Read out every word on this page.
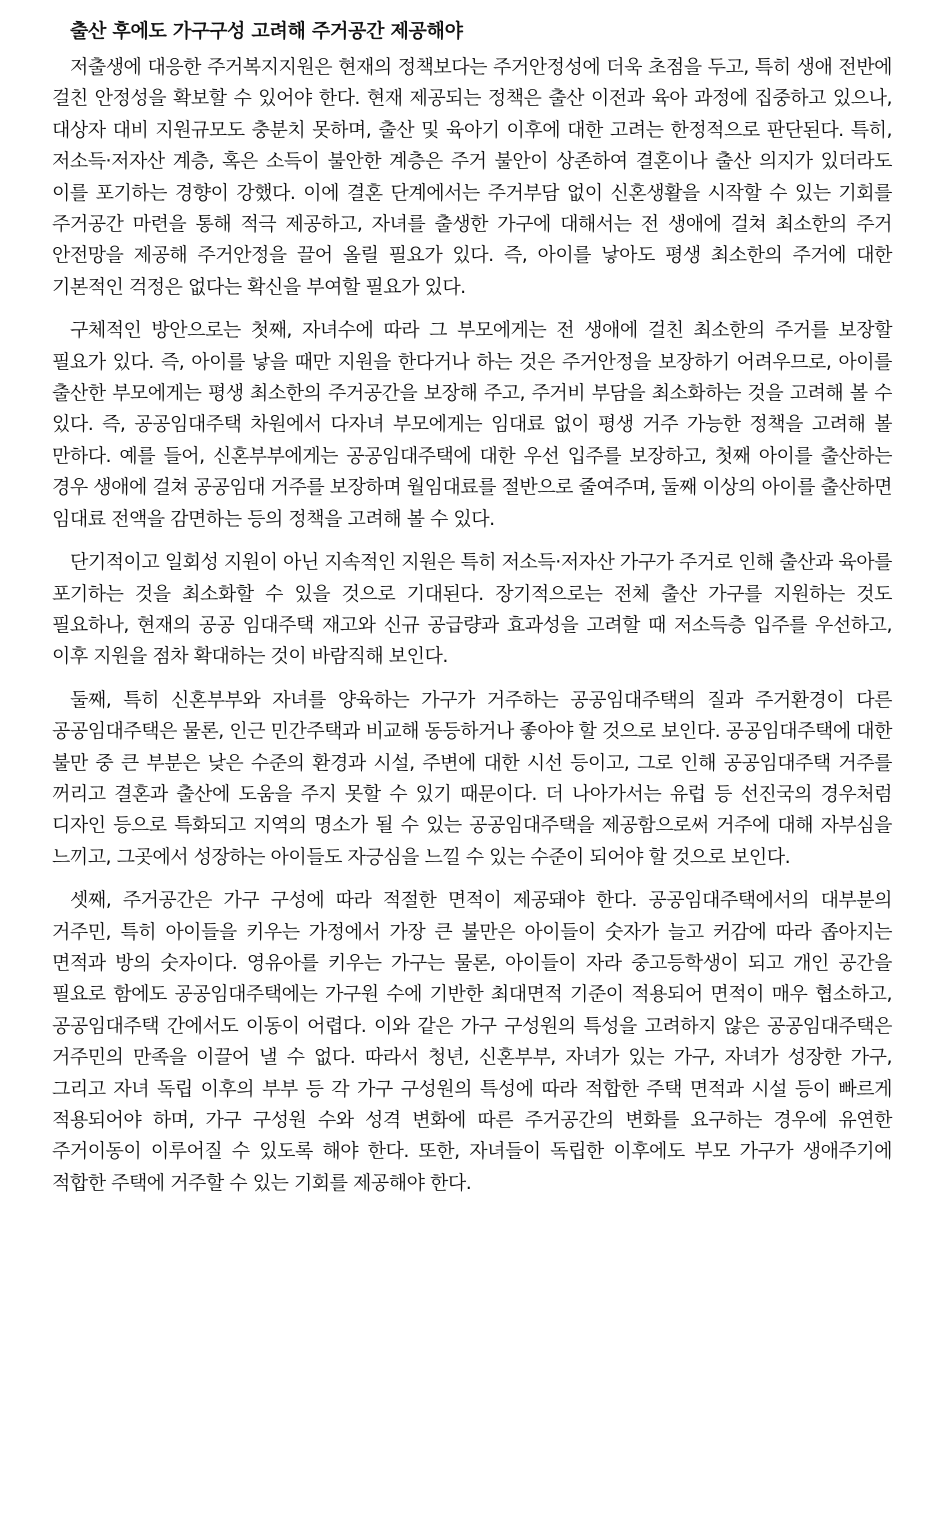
출산 후에도 가구구성 고려해 주거공간 제공해야

저출생에 대응한 주거복지지원은 현재의 정책보다는 주거안정성에 더욱 초점을 두고, 특히 생애 전반에 걸친 안정성을 확보할 수 있어야 한다. 현재 제공되는 정책은 출산 이전과 육아 과정에 집중하고 있으나, 대상자 대비 지원규모도 충분치 못하며, 출산 및 육아기 이후에 대한 고려는 한정적으로 판단된다. 특히, 저소득·저자산 계층, 혹은 소득이 불안한 계층은 주거 불안이 상존하여 결혼이나 출산 의지가 있더라도 이를 포기하는 경향이 강했다. 이에 결혼 단계에서는 주거부담 없이 신혼생활을 시작할 수 있는 기회를 주거공간 마련을 통해 적극 제공하고, 자녀를 출생한 가구에 대해서는 전 생애에 걸쳐 최소한의 주거 안전망을 제공해 주거안정을 끌어 올릴 필요가 있다. 즉, 아이를 낳아도 평생 최소한의 주거에 대한 기본적인 걱정은 없다는 확신을 부여할 필요가 있다.

구체적인 방안으로는 첫째, 자녀수에 따라 그 부모에게는 전 생애에 걸친 최소한의 주거를 보장할 필요가 있다. 즉, 아이를 낳을 때만 지원을 한다거나 하는 것은 주거안정을 보장하기 어려우므로, 아이를 출산한 부모에게는 평생 최소한의 주거공간을 보장해 주고, 주거비 부담을 최소화하는 것을 고려해 볼 수 있다. 즉, 공공임대주택 차원에서 다자녀 부모에게는 임대료 없이 평생 거주 가능한 정책을 고려해 볼 만하다. 예를 들어, 신혼부부에게는 공공임대주택에 대한 우선 입주를 보장하고, 첫째 아이를 출산하는 경우 생애에 걸쳐 공공임대 거주를 보장하며 월임대료를 절반으로 줄여주며, 둘째 이상의 아이를 출산하면 임대료 전액을 감면하는 등의 정책을 고려해 볼 수 있다.

단기적이고 일회성 지원이 아닌 지속적인 지원은 특히 저소득·저자산 가구가 주거로 인해 출산과 육아를 포기하는 것을 최소화할 수 있을 것으로 기대된다. 장기적으로는 전체 출산 가구를 지원하는 것도 필요하나, 현재의 공공 임대주택 재고와 신규 공급량과 효과성을 고려할 때 저소득층 입주를 우선하고, 이후 지원을 점차 확대하는 것이 바람직해 보인다.

둘째, 특히 신혼부부와 자녀를 양육하는 가구가 거주하는 공공임대주택의 질과 주거환경이 다른 공공임대주택은 물론, 인근 민간주택과 비교해 동등하거나 좋아야 할 것으로 보인다. 공공임대주택에 대한 불만 중 큰 부분은 낮은 수준의 환경과 시설, 주변에 대한 시선 등이고, 그로 인해 공공임대주택 거주를 꺼리고 결혼과 출산에 도움을 주지 못할 수 있기 때문이다. 더 나아가서는 유럽 등 선진국의 경우처럼 디자인 등으로 특화되고 지역의 명소가 될 수 있는 공공임대주택을 제공함으로써 거주에 대해 자부심을 느끼고, 그곳에서 성장하는 아이들도 자긍심을 느낄 수 있는 수준이 되어야 할 것으로 보인다.

셋째, 주거공간은 가구 구성에 따라 적절한 면적이 제공돼야 한다. 공공임대주택에서의 대부분의 거주민, 특히 아이들을 키우는 가정에서 가장 큰 불만은 아이들이 숫자가 늘고 커감에 따라 좁아지는 면적과 방의 숫자이다. 영유아를 키우는 가구는 물론, 아이들이 자라 중고등학생이 되고 개인 공간을 필요로 함에도 공공임대주택에는 가구원 수에 기반한 최대면적 기준이 적용되어 면적이 매우 협소하고, 공공임대주택 간에서도 이동이 어렵다. 이와 같은 가구 구성원의 특성을 고려하지 않은 공공임대주택은 거주민의 만족을 이끌어 낼 수 없다. 따라서 청년, 신혼부부, 자녀가 있는 가구, 자녀가 성장한 가구, 그리고 자녀 독립 이후의 부부 등 각 가구 구성원의 특성에 따라 적합한 주택 면적과 시설 등이 빠르게 적용되어야 하며, 가구 구성원 수와 성격 변화에 따른 주거공간의 변화를 요구하는 경우에 유연한 주거이동이 이루어질 수 있도록 해야 한다. 또한, 자녀들이 독립한 이후에도 부모 가구가 생애주기에 적합한 주택에 거주할 수 있는 기회를 제공해야 한다.
